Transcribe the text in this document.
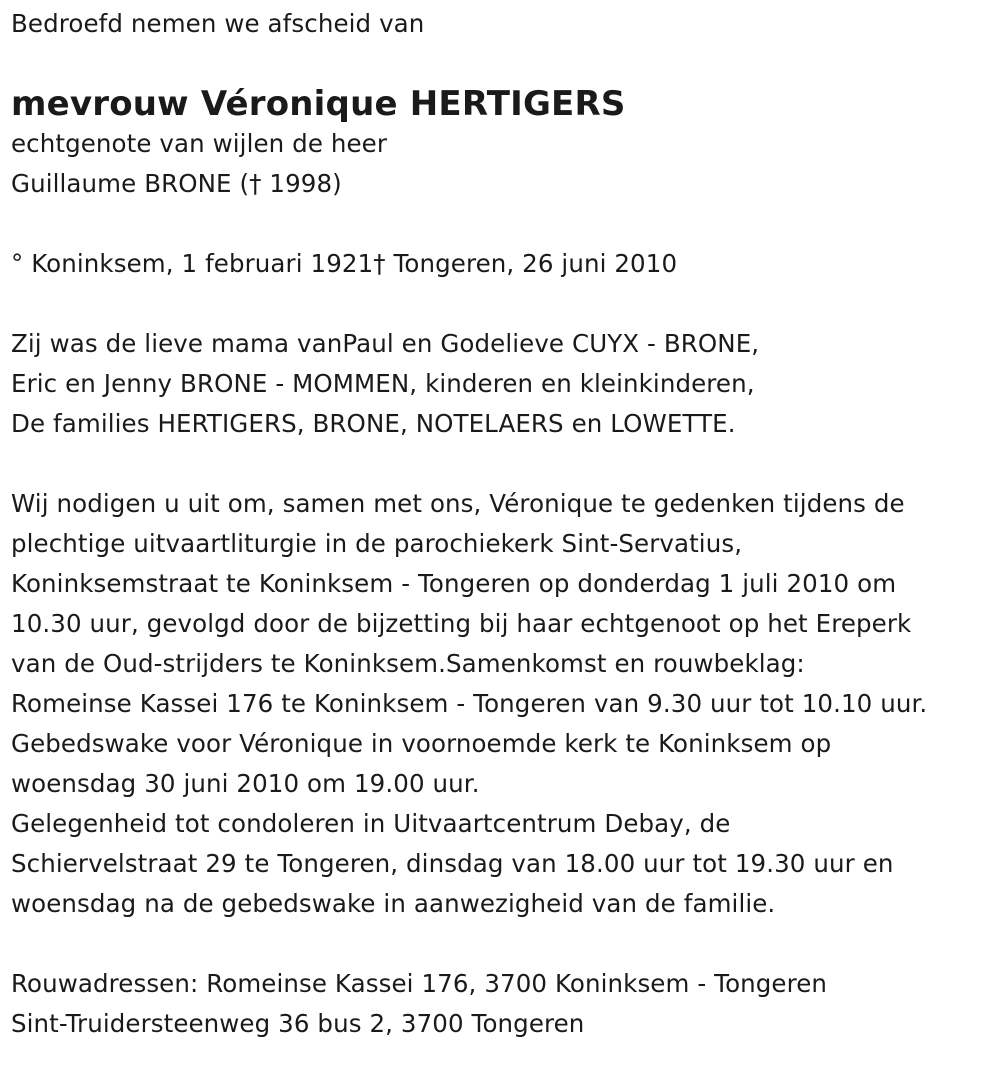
Bedroefd nemen we afscheid van
mevrouw Véronique HERTIGERS
echtgenote van wijlen de heer
Guillaume BRONE († 1998)
° Koninksem, 1 februari 1921† Tongeren, 26 juni 2010
Zij was de lieve mama vanPaul en Godelieve CUYX - BRONE,
Eric en Jenny BRONE - MOMMEN, kinderen en kleinkinderen,
De families HERTIGERS, BRONE, NOTELAERS en LOWETTE.
Wij nodigen u uit om, samen met ons, Véronique te gedenken tijdens de
plechtige uitvaartliturgie in de parochiekerk Sint-Servatius,
Koninksemstraat te Koninksem - Tongeren op donderdag 1 juli 2010 om
10.30 uur, gevolgd door de bijzetting bij haar echtgenoot op het Ereperk
van de Oud-strijders te Koninksem.Samenkomst en rouwbeklag:
Romeinse Kassei 176 te Koninksem - Tongeren van 9.30 uur tot 10.10 uur.
Gebedswake voor Véronique in voornoemde kerk te Koninksem op
woensdag 30 juni 2010 om 19.00 uur.
Gelegenheid tot condoleren in Uitvaartcentrum Debay, de
Schiervelstraat 29 te Tongeren, dinsdag van 18.00 uur tot 19.30 uur en
woensdag na de gebedswake in aanwezigheid van de familie.
Rouwadressen: Romeinse Kassei 176, 3700 Koninksem - Tongeren
Sint-Truidersteenweg 36 bus 2, 3700 Tongeren
